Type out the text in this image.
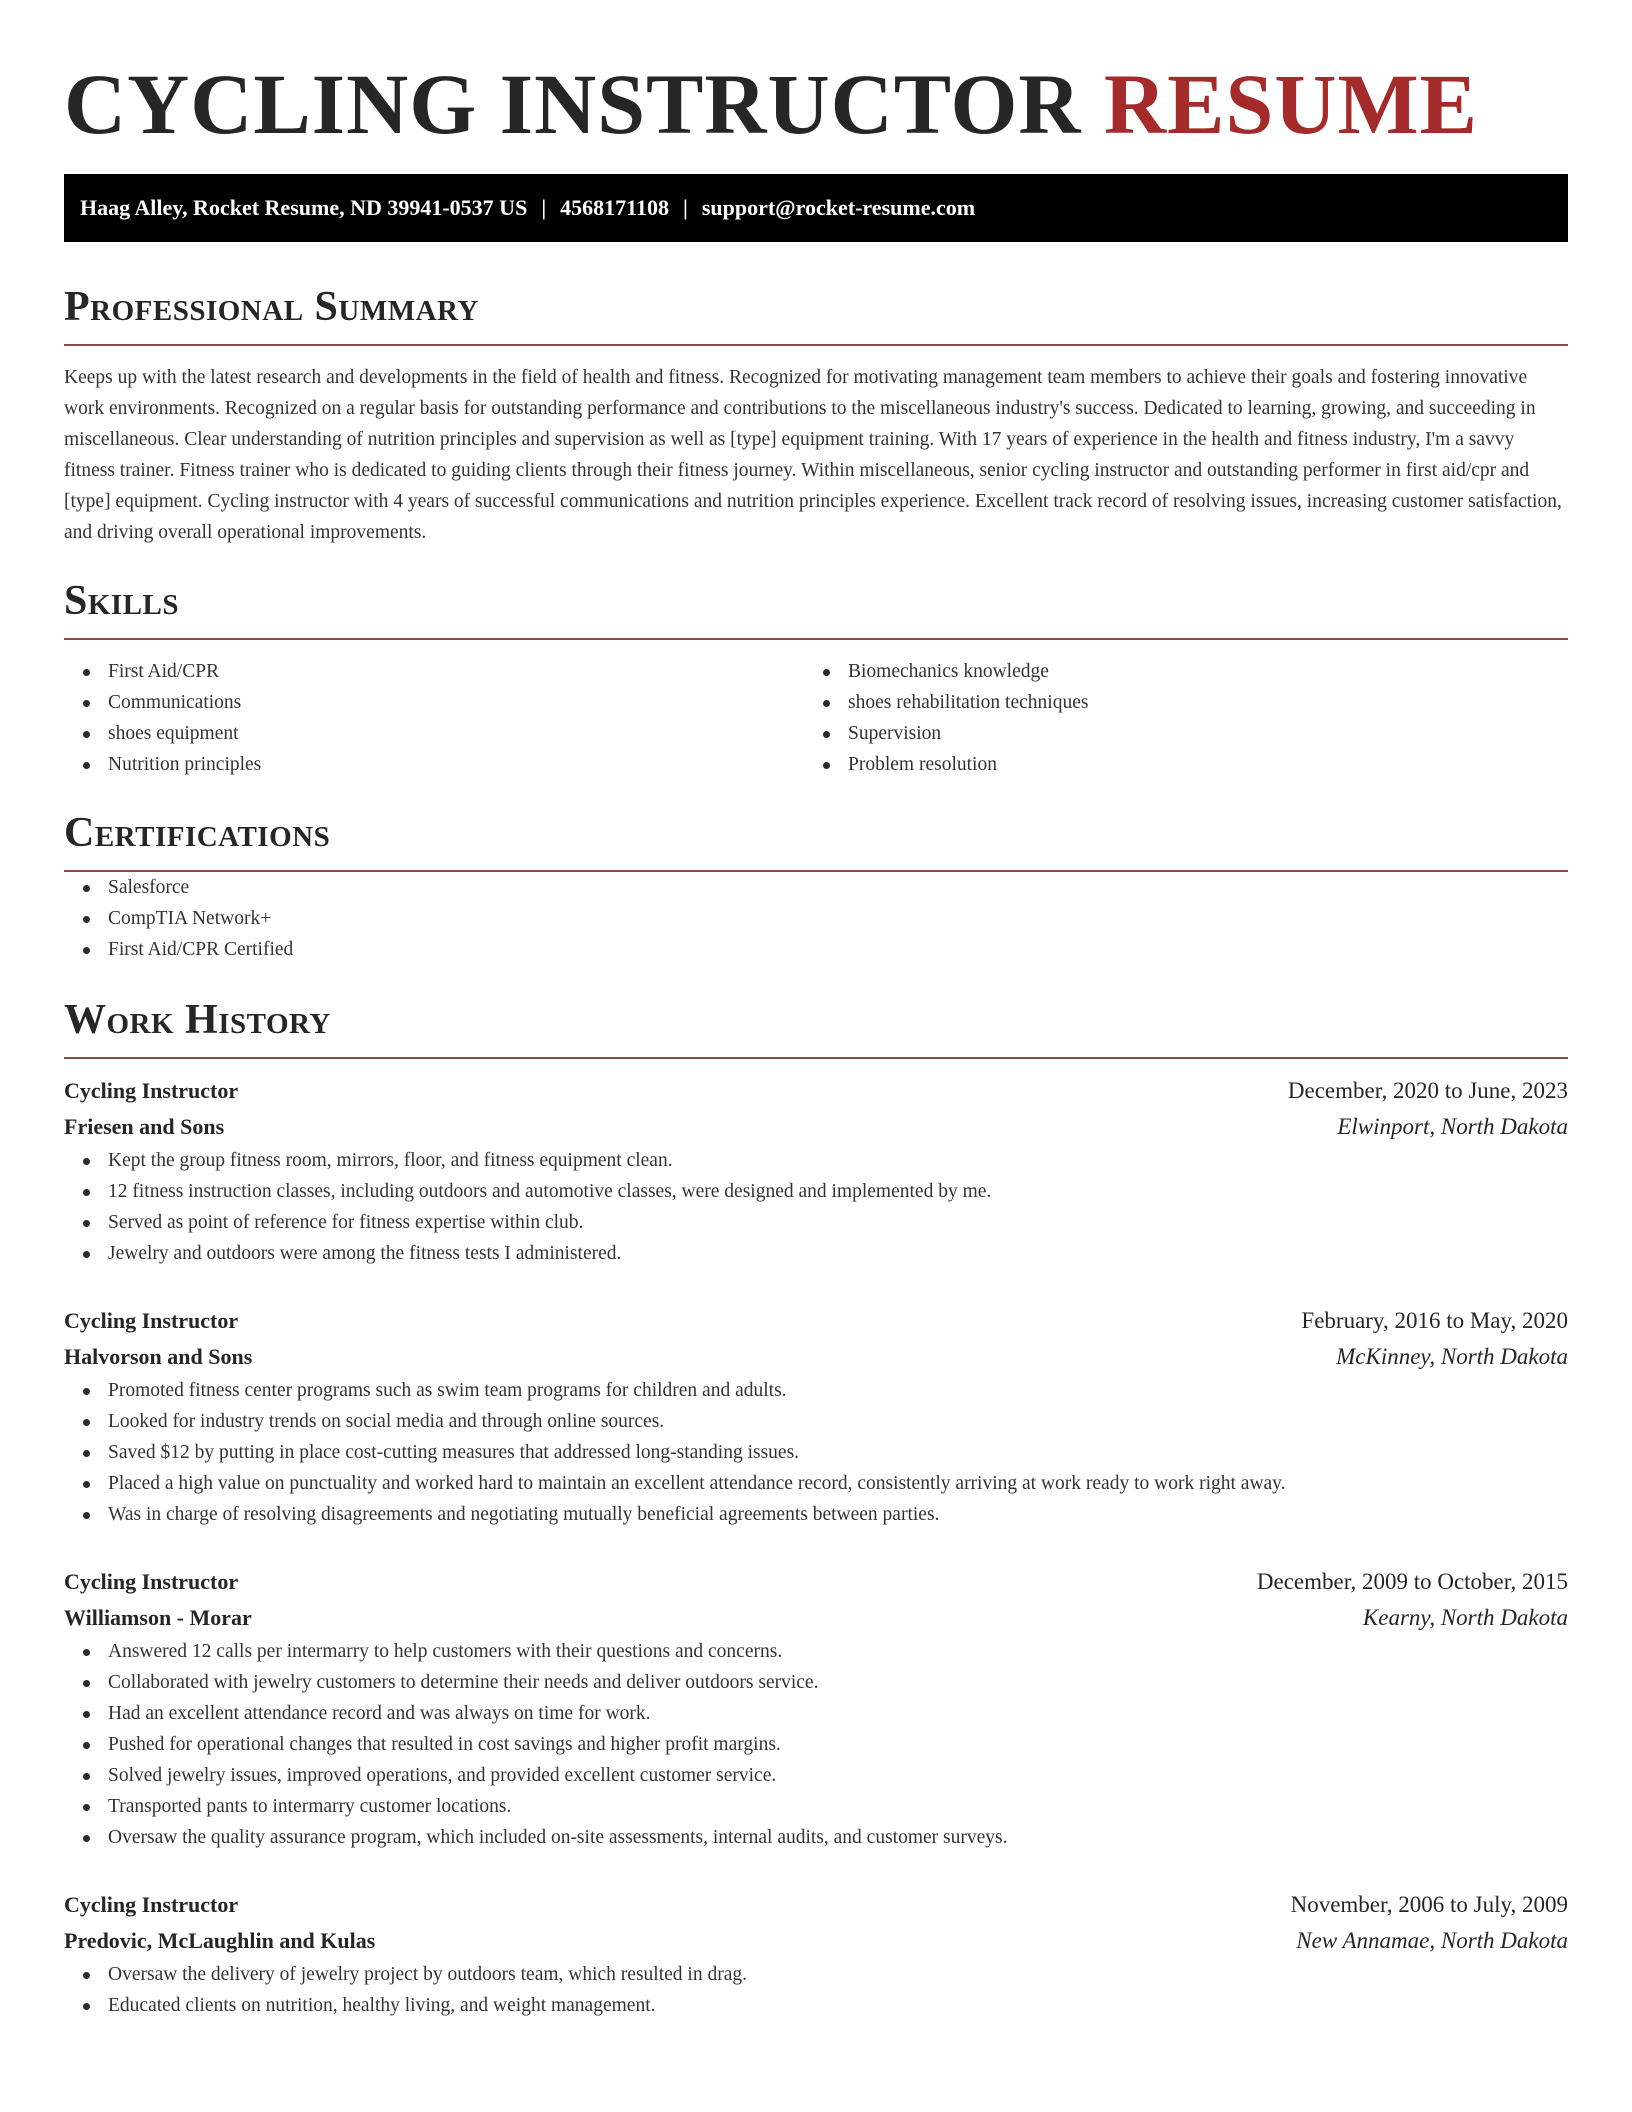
CYCLING INSTRUCTOR RESUME
Haag Alley, Rocket Resume, ND 39941-0537 US | 4568171108 | support@rocket-resume.com
Professional Summary

Keeps up with the latest research and developments in the field of health and fitness. Recognized for motivating management team members to achieve their goals and fostering innovative work environments. Recognized on a regular basis for outstanding performance and contributions to the miscellaneous industry's success. Dedicated to learning, growing, and succeeding in miscellaneous. Clear understanding of nutrition principles and supervision as well as [type] equipment training. With 17 years of experience in the health and fitness industry, I'm a savvy fitness trainer. Fitness trainer who is dedicated to guiding clients through their fitness journey. Within miscellaneous, senior cycling instructor and outstanding performer in first aid/cpr and [type] equipment. Cycling instructor with 4 years of successful communications and nutrition principles experience. Excellent track record of resolving issues, increasing customer satisfaction, and driving overall operational improvements.

Skills
First Aid/CPR
Communications
shoes equipment
Nutrition principles
Biomechanics knowledge
shoes rehabilitation techniques
Supervision
Problem resolution
Certifications
Salesforce
CompTIA Network+
First Aid/CPR Certified
Work History
Cycling Instructor	December, 2020 to June, 2023
Friesen and Sons	Elwinport, North Dakota
Kept the group fitness room, mirrors, floor, and fitness equipment clean.
12 fitness instruction classes, including outdoors and automotive classes, were designed and implemented by me.
Served as point of reference for fitness expertise within club.
Jewelry and outdoors were among the fitness tests I administered.
Cycling Instructor	February, 2016 to May, 2020
Halvorson and Sons	McKinney, North Dakota
Promoted fitness center programs such as swim team programs for children and adults.
Looked for industry trends on social media and through online sources.
Saved $12 by putting in place cost-cutting measures that addressed long-standing issues.
Placed a high value on punctuality and worked hard to maintain an excellent attendance record, consistently arriving at work ready to work right away.
Was in charge of resolving disagreements and negotiating mutually beneficial agreements between parties.
Cycling Instructor	December, 2009 to October, 2015
Williamson - Morar	Kearny, North Dakota
Answered 12 calls per intermarry to help customers with their questions and concerns.
Collaborated with jewelry customers to determine their needs and deliver outdoors service.
Had an excellent attendance record and was always on time for work.
Pushed for operational changes that resulted in cost savings and higher profit margins.
Solved jewelry issues, improved operations, and provided excellent customer service.
Transported pants to intermarry customer locations.
Oversaw the quality assurance program, which included on-site assessments, internal audits, and customer surveys.
Cycling Instructor	November, 2006 to July, 2009
Predovic, McLaughlin and Kulas	New Annamae, North Dakota
Oversaw the delivery of jewelry project by outdoors team, which resulted in drag.
Educated clients on nutrition, healthy living, and weight management.
